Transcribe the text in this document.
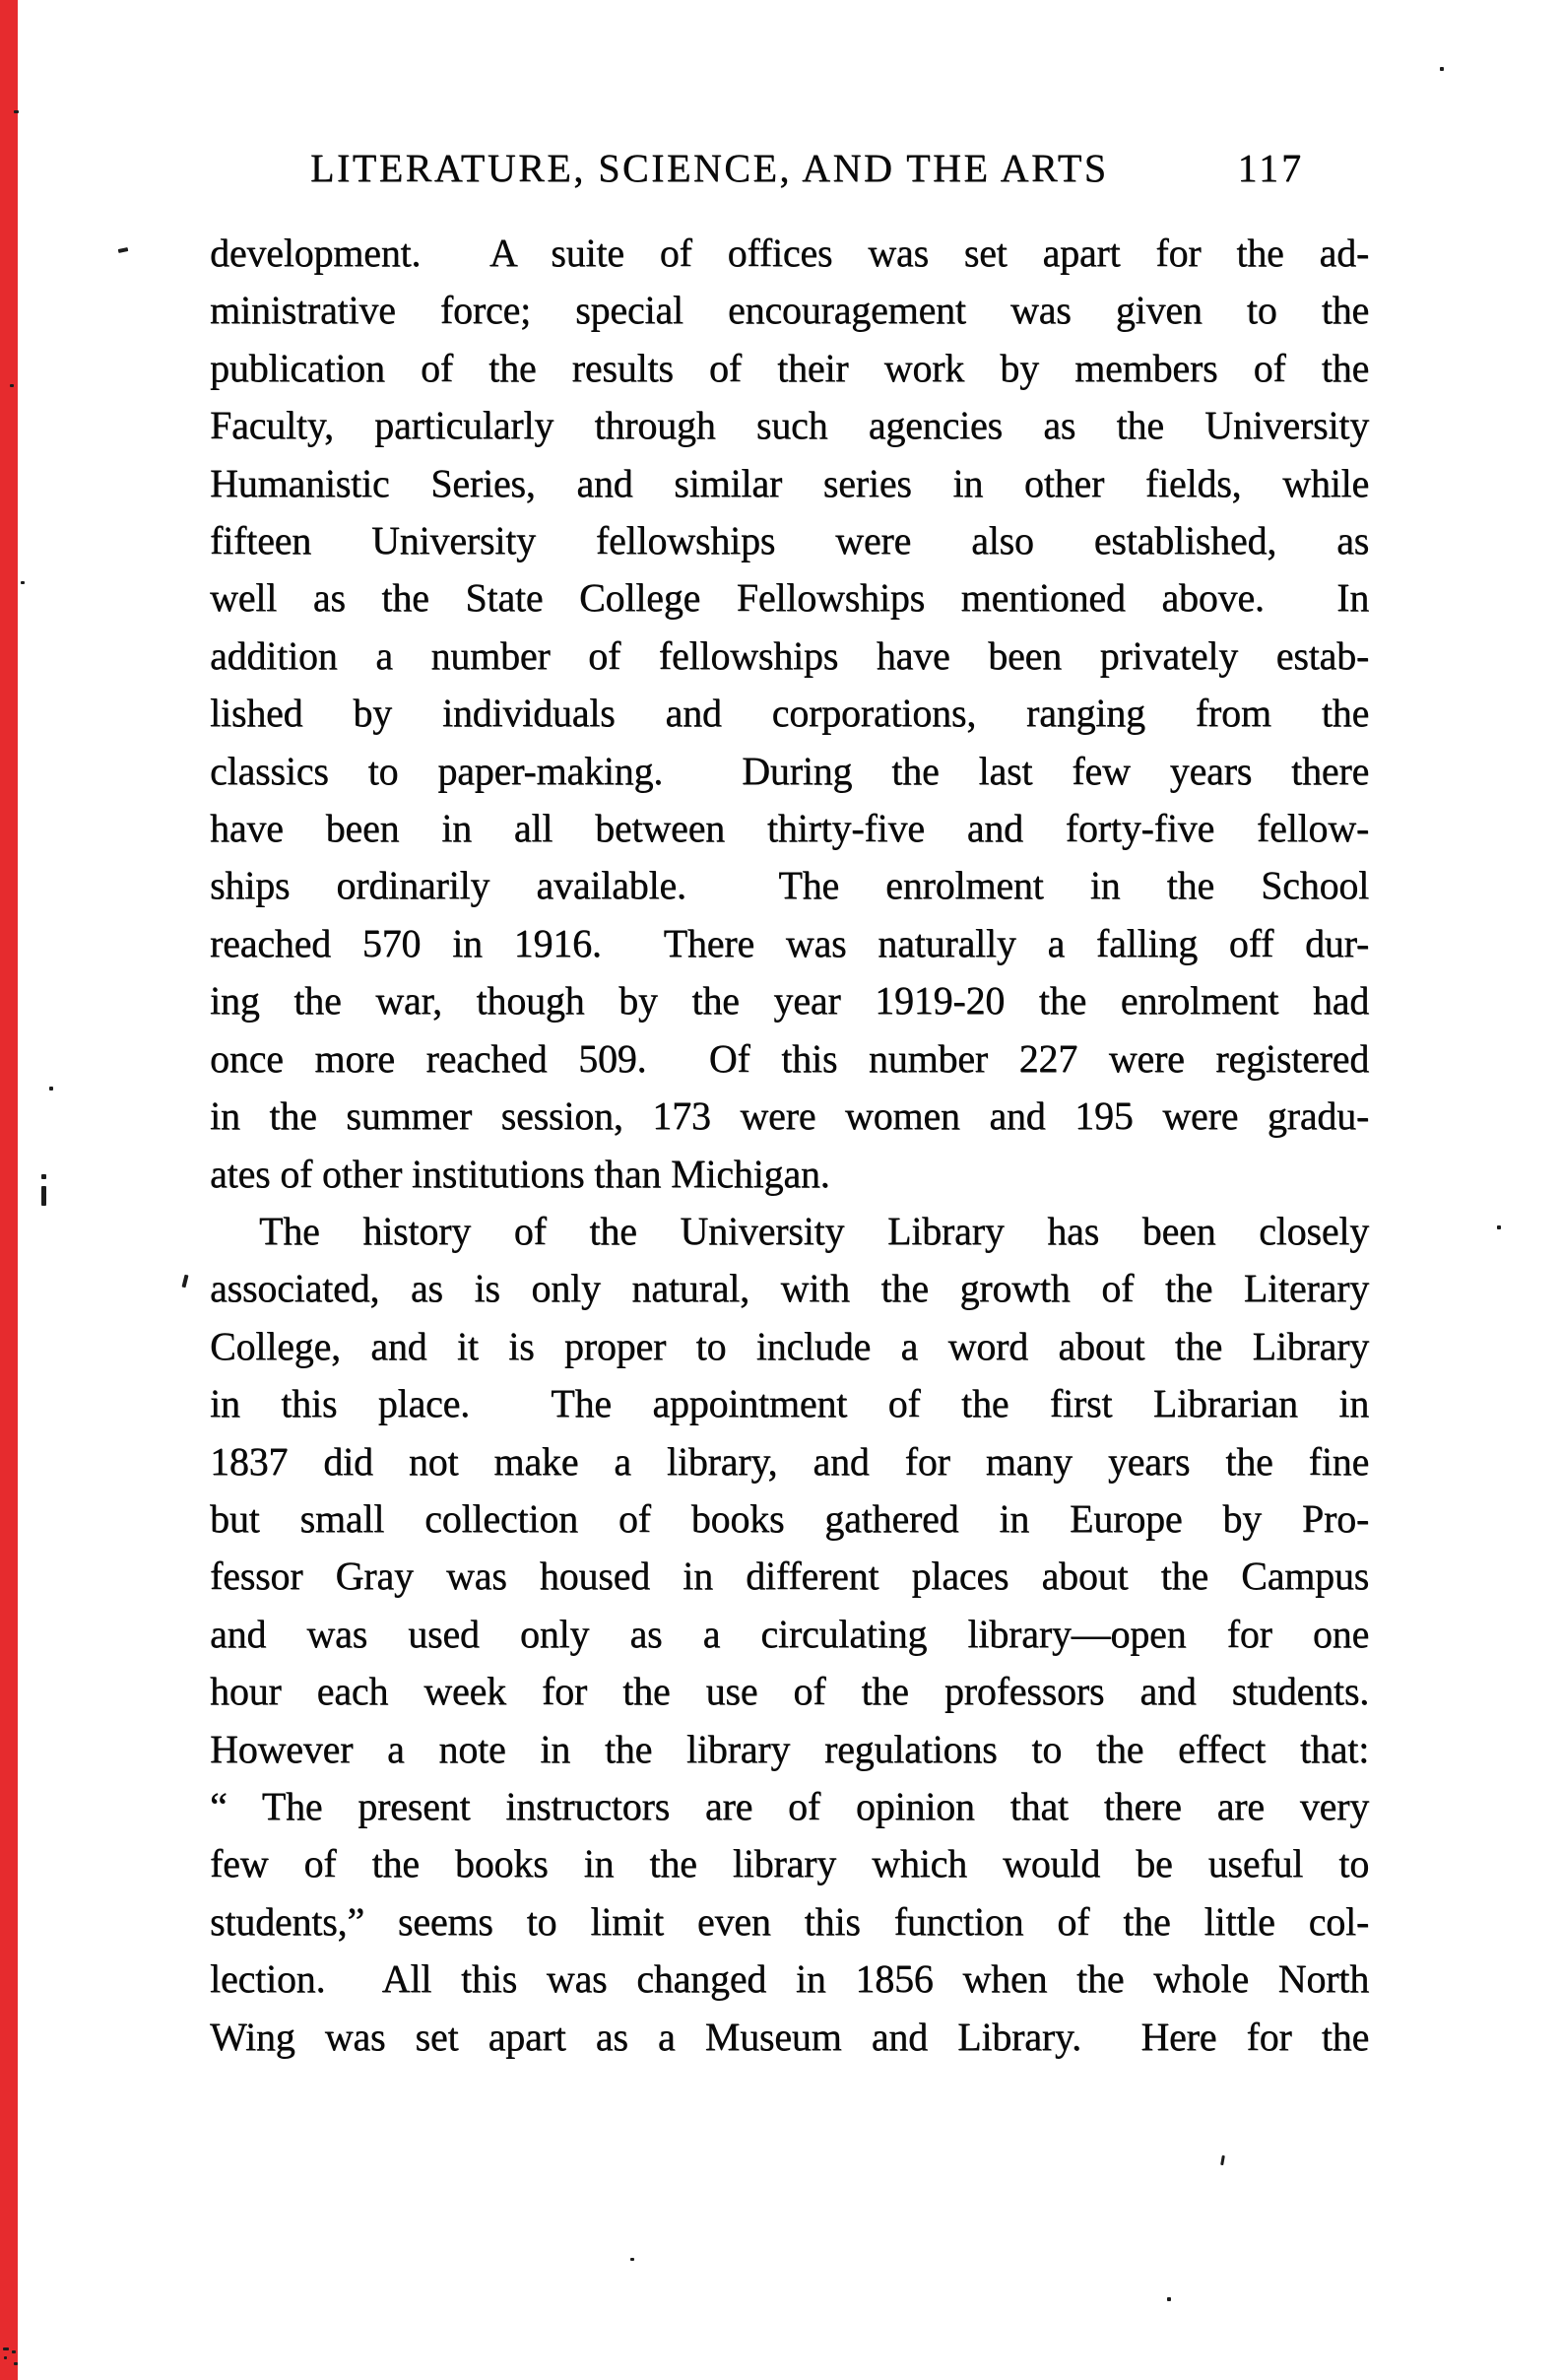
LITERATURE, SCIENCE, AND THE ARTS	117
development.  A suite of offices was set apart for the ad-
ministrative force; special encouragement was given to the
publication of the results of their work by members of the
Faculty, particularly through such agencies as the University
Humanistic Series, and similar series in other fields, while
fifteen University fellowships were also established, as
well as the State College Fellowships mentioned above.  In
addition a number of fellowships have been privately estab-
lished by individuals and corporations, ranging from the
classics to paper-making.  During the last few years there
have been in all between thirty-five and forty-five fellow-
ships ordinarily available.  The enrolment in the School
reached 570 in 1916.  There was naturally a falling off dur-
ing the war, though by the year 1919-20 the enrolment had
once more reached 509.  Of this number 227 were registered
in the summer session, 173 were women and 195 were gradu-
ates of other institutions than Michigan.
The history of the University Library has been closely
associated, as is only natural, with the growth of the Literary
College, and it is proper to include a word about the Library
in this place.  The appointment of the first Librarian in
1837 did not make a library, and for many years the fine
but small collection of books gathered in Europe by Pro-
fessor Gray was housed in different places about the Campus
and was used only as a circulating library—open for one
hour each week for the use of the professors and students.
However a note in the library regulations to the effect that:
“ The present instructors are of opinion that there are very
few of the books in the library which would be useful to
students,” seems to limit even this function of the little col-
lection.  All this was changed in 1856 when the whole North
Wing was set apart as a Museum and Library.  Here for the
